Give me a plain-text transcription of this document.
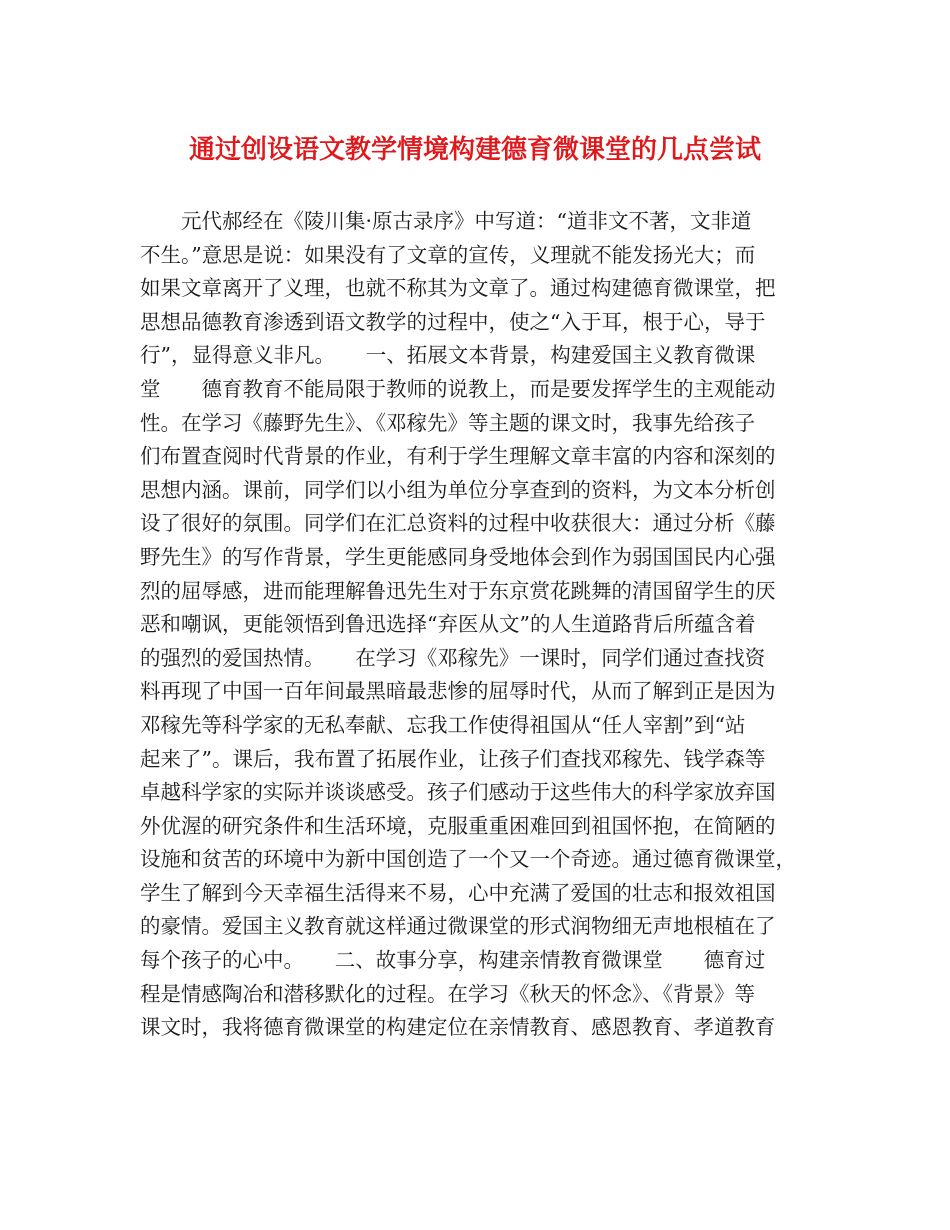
通过创设语文教学情境构建德育微课堂的几点尝试
　　元代郝经在《陵川集·原古录序》中写道：“道非文不著，文非道
不生。”意思是说：如果没有了文章的宣传，义理就不能发扬光大；而
如果文章离开了义理，也就不称其为文章了。通过构建德育微课堂，把
思想品德教育渗透到语文教学的过程中，使之“入于耳，根于心，导于
行”，显得意义非凡。　　一、拓展文本背景，构建爱国主义教育微课
堂　　德育教育不能局限于教师的说教上，而是要发挥学生的主观能动
性。在学习《藤野先生》、《邓稼先》等主题的课文时，我事先给孩子
们布置查阅时代背景的作业，有利于学生理解文章丰富的内容和深刻的
思想内涵。课前，同学们以小组为单位分享查到的资料，为文本分析创
设了很好的氛围。同学们在汇总资料的过程中收获很大：通过分析《藤
野先生》的写作背景，学生更能感同身受地体会到作为弱国国民内心强
烈的屈辱感，进而能理解鲁迅先生对于东京赏花跳舞的清国留学生的厌
恶和嘲讽，更能领悟到鲁迅选择“弃医从文”的人生道路背后所蕴含着
的强烈的爱国热情。　　在学习《邓稼先》一课时，同学们通过查找资
料再现了中国一百年间最黑暗最悲惨的屈辱时代，从而了解到正是因为
邓稼先等科学家的无私奉献、忘我工作使得祖国从“任人宰割”到“站
起来了”。课后，我布置了拓展作业，让孩子们查找邓稼先、钱学森等
卓越科学家的实际并谈谈感受。孩子们感动于这些伟大的科学家放弃国
外优渥的研究条件和生活环境，克服重重困难回到祖国怀抱，在简陋的
设施和贫苦的环境中为新中国创造了一个又一个奇迹。通过德育微课堂，
学生了解到今天幸福生活得来不易，心中充满了爱国的壮志和报效祖国
的豪情。爱国主义教育就这样通过微课堂的形式润物细无声地根植在了
每个孩子的心中。　　二、故事分享，构建亲情教育微课堂　　德育过
程是情感陶冶和潜移默化的过程。在学习《秋天的怀念》、《背景》等
课文时，我将德育微课堂的构建定位在亲情教育、感恩教育、孝道教育
